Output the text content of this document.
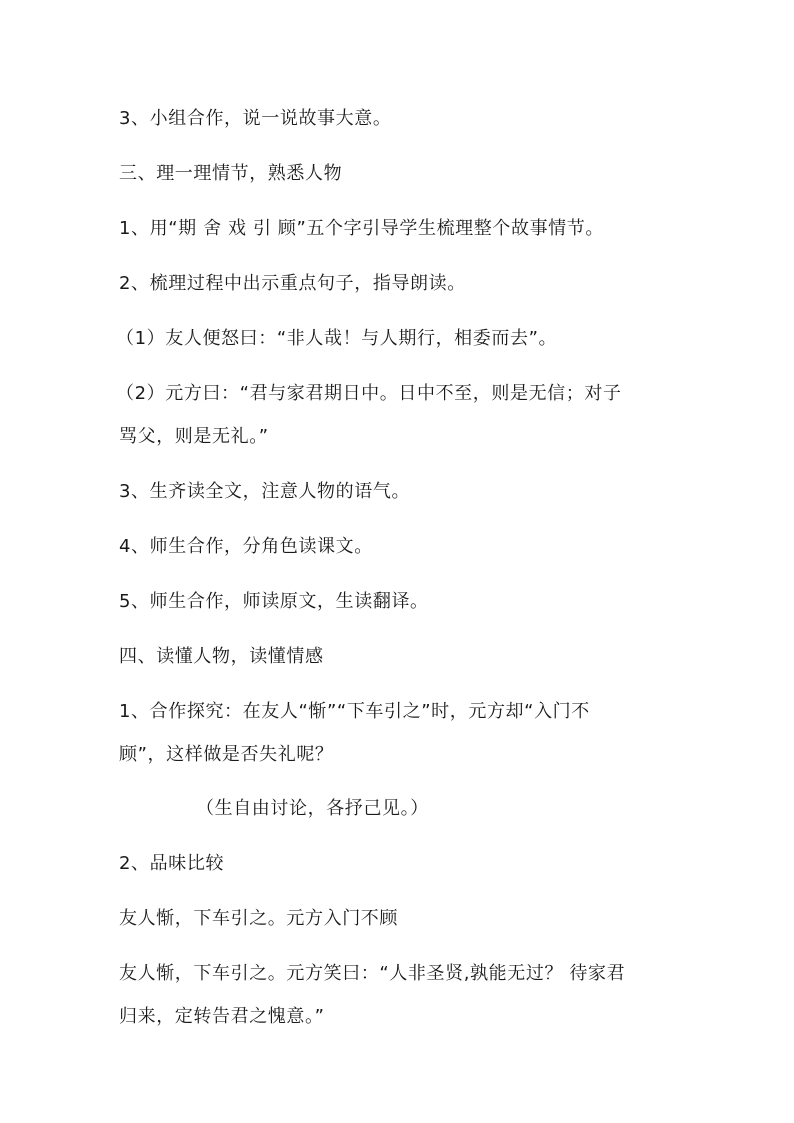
3、小组合作，说一说故事大意。
三、理一理情节，熟悉人物
1、用“期 舍 戏 引 顾”五个字引导学生梳理整个故事情节。
2、梳理过程中出示重点句子，指导朗读。
（1）友人便怒曰：“非人哉！与人期行，相委而去”。
（2）元方曰：“君与家君期日中。日中不至，则是无信；对子
骂父，则是无礼。”
3、生齐读全文，注意人物的语气。
4、师生合作，分角色读课文。
5、师生合作，师读原文，生读翻译。
四、读懂人物，读懂情感
1、合作探究：在友人“惭”“下车引之”时，元方却“入门不
顾”，这样做是否失礼呢？
（生自由讨论，各抒己见。）
2、品味比较
友人惭，下车引之。元方入门不顾
友人惭，下车引之。元方笑曰：“人非圣贤,孰能无过？ 待家君
归来，定转告君之愧意。”
